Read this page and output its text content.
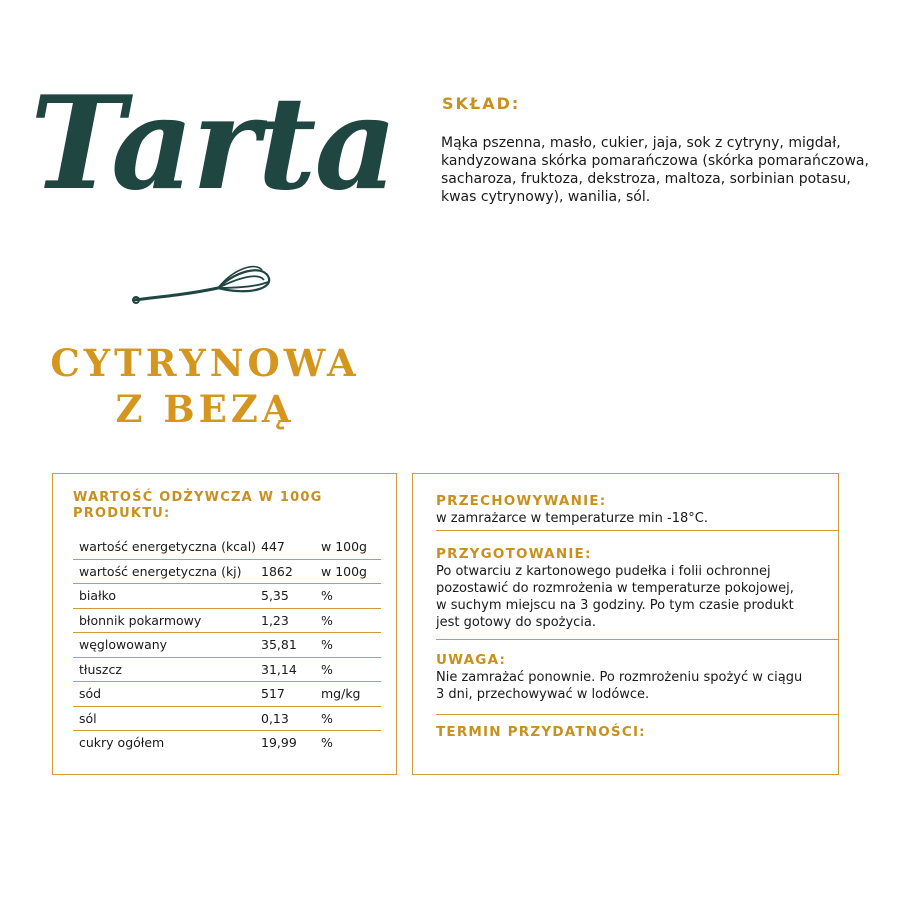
Tarta
CYTRYNOWA
Z BEZĄ
SKŁAD:
Mąka pszenna, masło, cukier, jaja, sok z cytryny, migdał, kandyzowana skórka pomarańczowa (skórka pomarańczowa, sacharoza, fruktoza, dekstroza, maltoza, sorbinian potasu, kwas cytrynowy), wanilia, sól.
WARTOŚĆ ODŻYWCZA W 100G PRODUKTU:
wartość energetyczna (kcal)	447	w 100g
wartość energetyczna (kj)	1862	w 100g
białko	5,35	%
błonnik pokarmowy	1,23	%
węglowowany	35,81	%
tłuszcz	31,14	%
sód	517	mg/kg
sól	0,13	%
cukry ogółem	19,99	%
PRZECHOWYWANIE:
w zamrażarce w temperaturze min -18°C.
PRZYGOTOWANIE:
Po otwarciu z kartonowego pudełka i folii ochronnej
pozostawić do rozmrożenia w temperaturze pokojowej,
w suchym miejscu na 3 godziny. Po tym czasie produkt
jest gotowy do spożycia.
UWAGA:
Nie zamrażać ponownie. Po rozmrożeniu spożyć w ciągu
3 dni, przechowywać w lodówce.
TERMIN PRZYDATNOŚCI:
